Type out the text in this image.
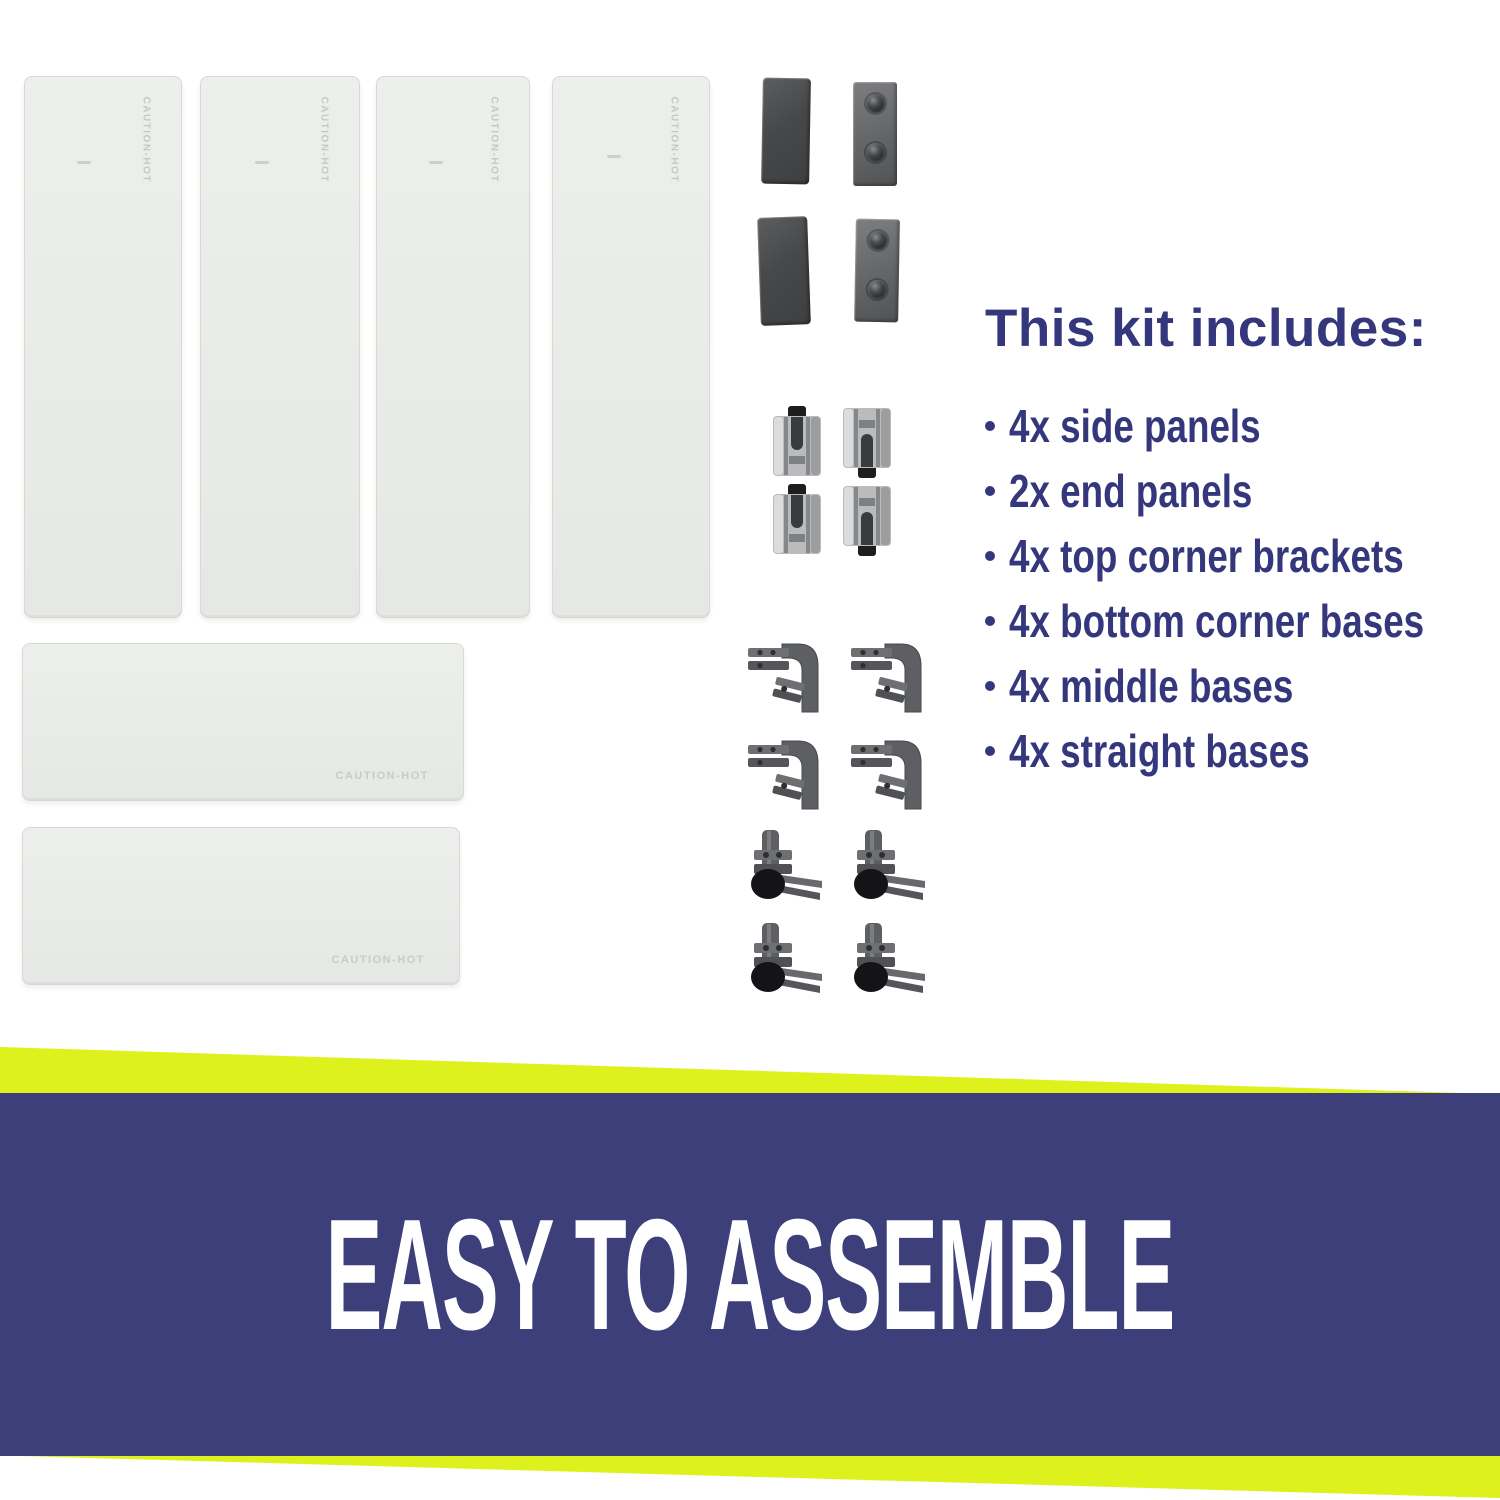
CAUTION-HOT	CAUTION-HOT	CAUTION-HOT	CAUTION-HOT
CAUTION-HOT
CAUTION-HOT
This kit includes:
4x side panels
2x end panels
4x top corner brackets
4x bottom corner bases
4x middle bases
4x straight bases
EASY TO ASSEMBLE
